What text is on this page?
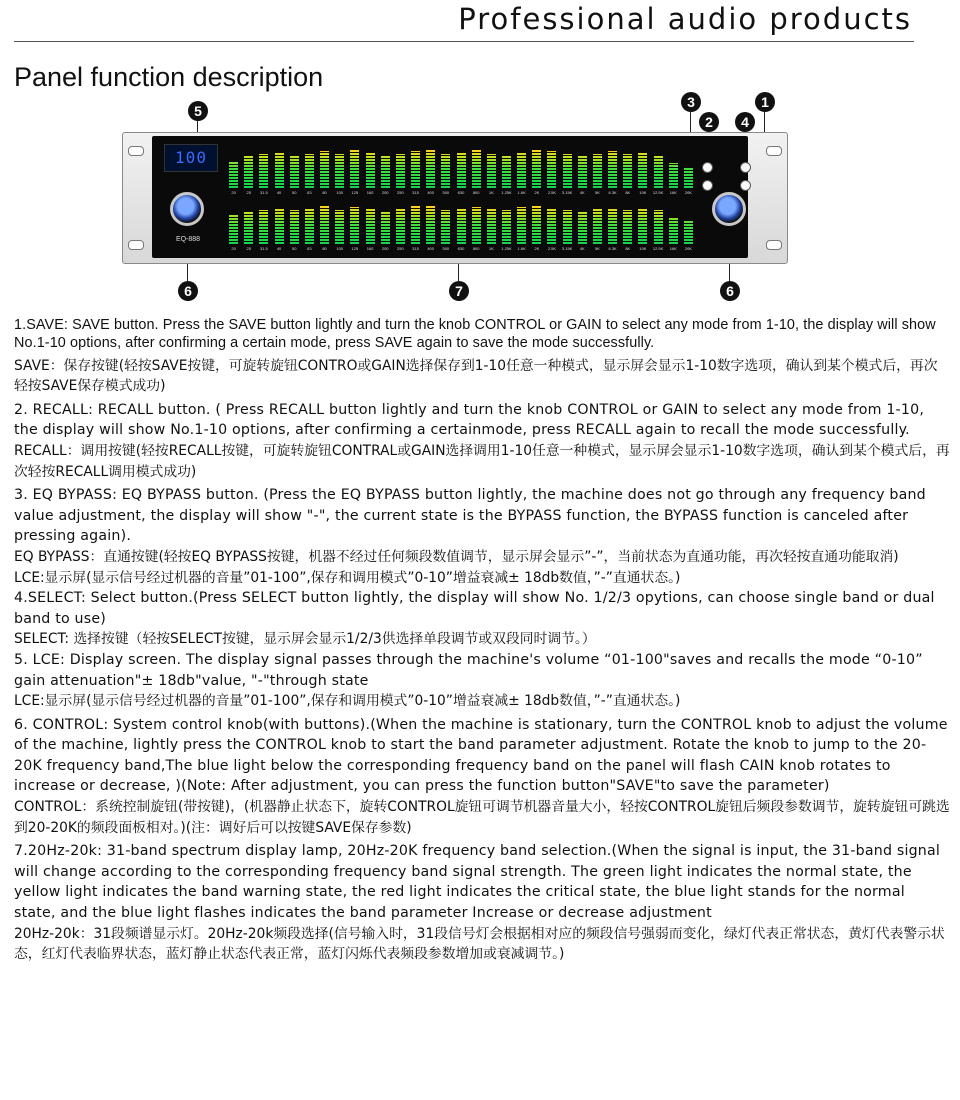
Professional audio products
Panel function description
5
3
2	4
1
6	7	6
100
EQ-888
20	25	31.5	40	50	63	80	100	125	160	200	250	315	400	500	630	800	1K	1.25K	1.6K	2K	2.5K	3.15K	4K	5K	6.3K	8K	10K	12.5K	16K	20K
20	25	31.5	40	50	63	80	100	125	160	200	250	315	400	500	630	800	1K	1.25K	1.6K	2K	2.5K	3.15K	4K	5K	6.3K	8K	10K	12.5K	16K	20K

1.SAVE: SAVE button. Press the SAVE button lightly and turn the knob CONTROL or GAIN to select any mode from 1-10, the display will show No.1-10 options, after confirming a certain mode, press SAVE again to save the mode successfully.

SAVE：保存按键(轻按SAVE按键，可旋转旋钮CONTRO或GAIN选择保存到1-10任意一种模式，显示屏会显示1-10数字选项，确认到某个模式后，再次轻按SAVE保存模式成功)

2. RECALL: RECALL button. ( Press RECALL button lightly and turn the knob CONTROL or GAIN to select any mode from 1-10, the display will show No.1-10 options, after confirming a certainmode, press RECALL again to recall the mode successfully.

RECALL：调用按键(轻按RECALL按键，可旋转旋钮CONTRAL或GAIN选择调用1-10任意一种模式，显示屏会显示1-10数字选项，确认到某个模式后，再次轻按RECALL调用模式成功)

3. EQ BYPASS: EQ BYPASS button. (Press the EQ BYPASS button lightly, the machine does not go through any frequency band value adjustment, the display will show "-", the current state is the BYPASS function, the BYPASS function is canceled after pressing again).

EQ BYPASS：直通按键(轻按EQ BYPASS按键，机器不经过任何频段数值调节，显示屏会显示”-”，当前状态为直通功能，再次轻按直通功能取消)

LCE:显示屏(显示信号经过机器的音量”01-100”,保存和调用模式”0-10”增益衰减± 18db数值，”-”直通状态。)

4.SELECT: Select button.(Press SELECT button lightly, the display will show No. 1/2/3 opytions, can choose single band or dual band to use)

SELECT: 选择按键（轻按SELECT按键，显示屏会显示1/2/3供选择单段调节或双段同时调节。）

5. LCE: Display screen. The display signal passes through the machine's volume “01-100"saves and recalls the mode “0-10” gain attenuation"± 18db"value, "-"through state

LCE:显示屏(显示信号经过机器的音量”01-100”,保存和调用模式”0-10”增益衰减± 18db数值，”-”直通状态。)

6. CONTROL: System control knob(with buttons).(When the machine is stationary, turn the CONTROL knob to adjust the volume of the machine, lightly press the CONTROL knob to start the band parameter adjustment. Rotate the knob to jump to the 20-20K frequency band,The blue light below the corresponding frequency band on the panel will flash CAIN knob rotates to increase or decrease, )(Note: After adjustment, you can press the function button"SAVE"to save the parameter)

CONTROL：系统控制旋钮(带按键)，(机器静止状态下，旋转CONTROL旋钮可调节机器音量大小，轻按CONTROL旋钮后频段参数调节，旋转旋钮可跳选到20-20K的频段面板相对。)(注：调好后可以按键SAVE保存参数)

7.20Hz-20k: 31-band spectrum display lamp, 20Hz-20K frequency band selection.(When the signal is input, the 31-band signal will change according to the corresponding frequency band signal strength. The green light indicates the normal state, the yellow light indicates the band warning state, the red light indicates the critical state, the blue light stands for the normal state, and the blue light flashes indicates the band parameter Increase or decrease adjustment

20Hz-20k：31段频谱显示灯。20Hz-20k频段选择(信号输入时，31段信号灯会根据相对应的频段信号强弱而变化，绿灯代表正常状态，黄灯代表警示状态，红灯代表临界状态，蓝灯静止状态代表正常，蓝灯闪烁代表频段参数增加或衰减调节。)
